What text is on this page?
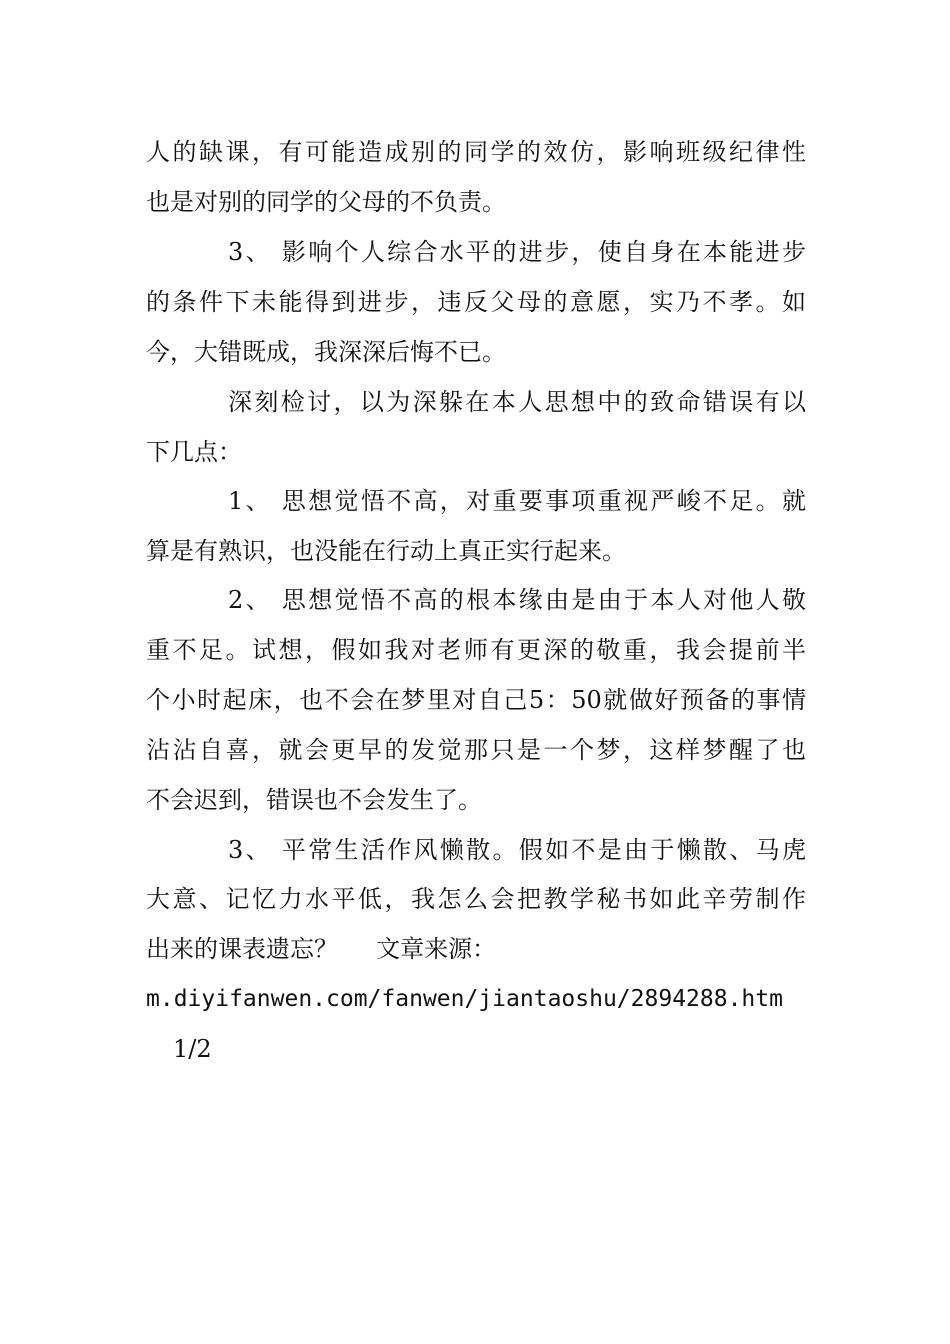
人的缺课，有可能造成别的同学的效仿，影响班级纪律性
也是对别的同学的父母的不负责。
3、 影响个人综合水平的进步，使自身在本能进步
的条件下未能得到进步，违反父母的意愿，实乃不孝。如
今，大错既成，我深深后悔不已。
深刻检讨，以为深躲在本人思想中的致命错误有以
下几点：
1、 思想觉悟不高，对重要事项重视严峻不足。就
算是有熟识，也没能在行动上真正实行起来。
2、 思想觉悟不高的根本缘由是由于本人对他人敬
重不足。试想，假如我对老师有更深的敬重，我会提前半
个小时起床，也不会在梦里对自己5：50就做好预备的事情
沾沾自喜，就会更早的发觉那只是一个梦，这样梦醒了也
不会迟到，错误也不会发生了。
3、 平常生活作风懒散。假如不是由于懒散、马虎
大意、记忆力水平低，我怎么会把教学秘书如此辛劳制作
出来的课表遗忘？     文章来源：
m.diyifanwen.com/fanwen/jiantaoshu/2894288.htm
1/2
